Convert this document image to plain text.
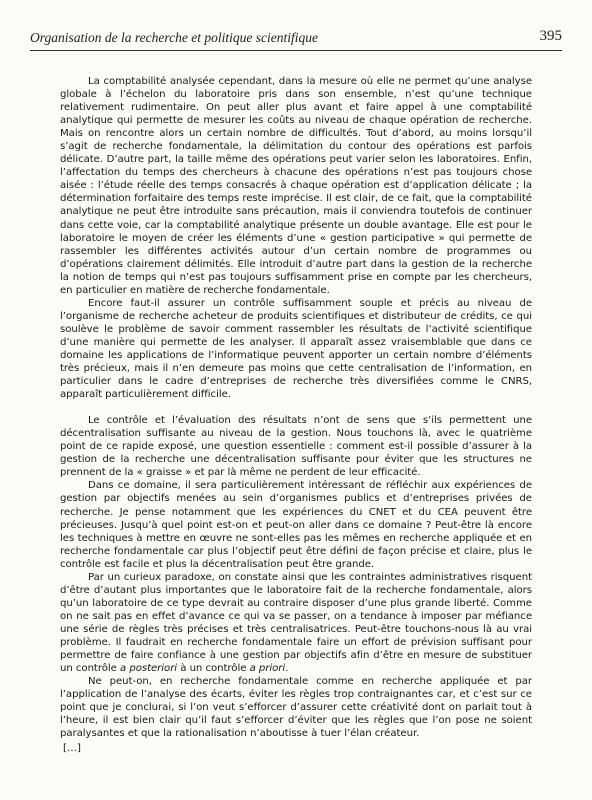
Organisation de la recherche et politique scientifique	395

La comptabilité analysée cependant, dans la mesure où elle ne permet qu’une analyse globale à l’échelon du laboratoire pris dans son ensemble, n’est qu’une technique relativement rudimentaire. On peut aller plus avant et faire appel à une comptabilité analytique qui permette de mesurer les coûts au niveau de chaque opération de recherche. Mais on rencontre alors un certain nombre de difficultés. Tout d’abord, au moins lorsqu’il s’agit de recherche fondamentale, la délimitation du contour des opérations est parfois délicate. D’autre part, la taille même des opérations peut varier selon les laboratoires. Enfin, l’affectation du temps des chercheurs à chacune des opérations n’est pas toujours chose aisée : l’étude réelle des temps consacrés à chaque opération est d’application délicate ; la détermination forfaitaire des temps reste imprécise. Il est clair, de ce fait, que la comptabilité analytique ne peut être introduite sans précaution, mais il conviendra toutefois de continuer dans cette voie, car la comptabilité analytique présente un double avantage. Elle est pour le laboratoire le moyen de créer les éléments d’une « gestion participative » qui permette de rassembler les différentes activités autour d’un certain nombre de programmes ou d’opérations clairement délimités. Elle introduit d’autre part dans la gestion de la recherche la notion de temps qui n’est pas toujours suffisamment prise en compte par les chercheurs, en particulier en matière de recherche fondamentale.

Encore faut-il assurer un contrôle suffisamment souple et précis au niveau de l’organisme de recherche acheteur de produits scientifiques et distributeur de crédits, ce qui soulève le problème de savoir comment rassembler les résultats de l’activité scientifique d’une manière qui permette de les analyser. Il apparaît assez vraisemblable que dans ce domaine les applications de l’informatique peuvent apporter un certain nombre d’éléments très précieux, mais il n’en demeure pas moins que cette centralisation de l’information, en particulier dans le cadre d’entreprises de recherche très diversifiées comme le CNRS, apparaît particulièrement difficile.

Le contrôle et l’évaluation des résultats n’ont de sens que s’ils permettent une décentralisation suffisante au niveau de la gestion. Nous touchons là, avec le quatrième point de ce rapide exposé, une question essentielle : comment est-il possible d’assurer à la gestion de la recherche une décentralisation suffisante pour éviter que les structures ne prennent de la « graisse » et par là même ne perdent de leur efficacité.

Dans ce domaine, il sera particulièrement intéressant de réfléchir aux expériences de gestion par objectifs menées au sein d’organismes publics et d’entreprises privées de recherche. Je pense notamment que les expériences du CNET et du CEA peuvent être précieuses. Jusqu’à quel point est-on et peut-on aller dans ce domaine ? Peut-être là encore les techniques à mettre en œuvre ne sont-elles pas les mêmes en recherche appliquée et en recherche fondamentale car plus l’objectif peut être défini de façon précise et claire, plus le contrôle est facile et plus la décentralisation peut être grande.

Par un curieux paradoxe, on constate ainsi que les contraintes administratives risquent d’être d’autant plus importantes que le laboratoire fait de la recherche fondamentale, alors qu’un laboratoire de ce type devrait au contraire disposer d’une plus grande liberté. Comme on ne sait pas en effet d’avance ce qui va se passer, on a tendance à imposer par méfiance une série de règles très précises et très centralisatrices. Peut-être touchons-nous là au vrai problème. Il faudrait en recherche fondamentale faire un effort de prévision suffisant pour permettre de faire confiance à une gestion par objectifs afin d’être en mesure de substituer un contrôle a posteriori à un contrôle a priori.

Ne peut-on, en recherche fondamentale comme en recherche appliquée et par l’application de l’analyse des écarts, éviter les règles trop contraignantes car, et c’est sur ce point que je conclurai, si l’on veut s’efforcer d’assurer cette créativité dont on parlait tout à l’heure, il est bien clair qu’il faut s’efforcer d’éviter que les règles que l’on pose ne soient paralysantes et que la rationalisation n’aboutisse à tuer l’élan créateur.

[…]
